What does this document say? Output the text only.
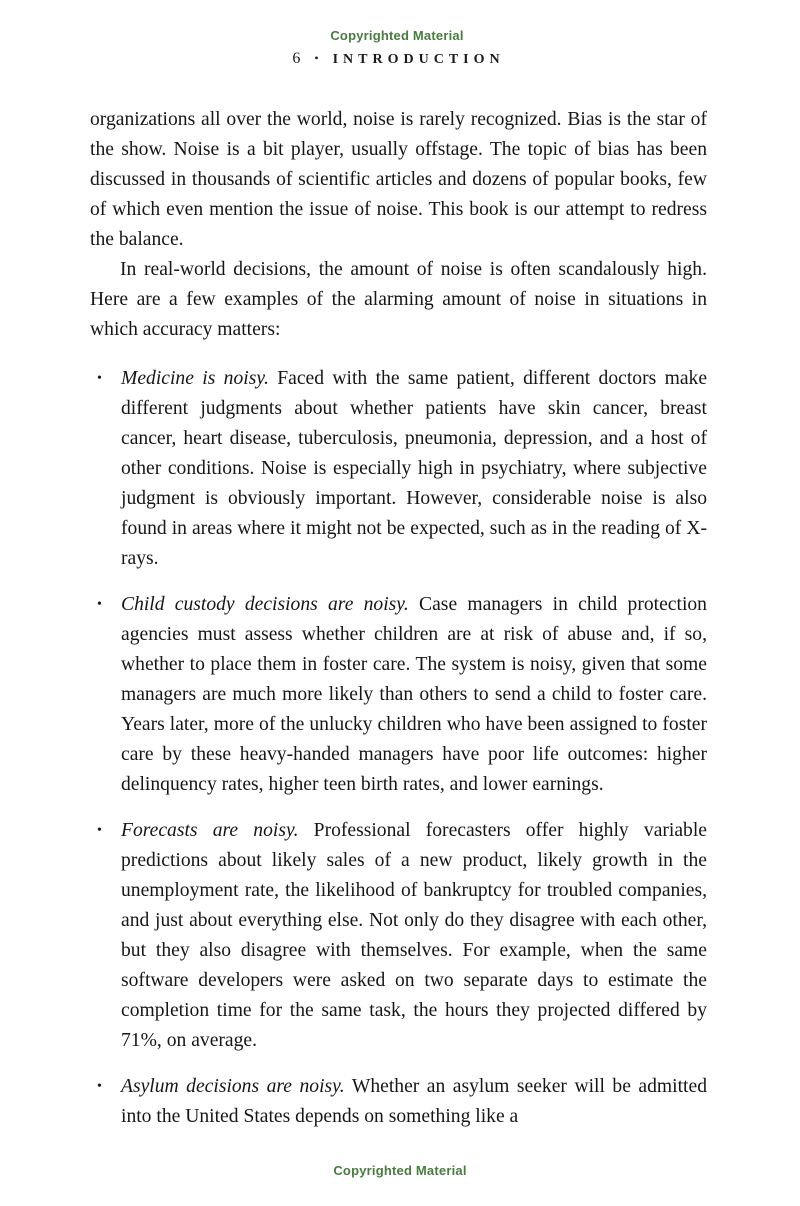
Copyrighted Material
6 • INTRODUCTION

organizations all over the world, noise is rarely recognized. Bias is the star of the show. Noise is a bit player, usually offstage. The topic of bias has been discussed in thousands of scientific articles and dozens of popular books, few of which even mention the issue of noise. This book is our attempt to redress the balance.

In real-world decisions, the amount of noise is often scandalously high. Here are a few examples of the alarming amount of noise in situations in which accuracy matters:

• Medicine is noisy. Faced with the same patient, different doctors make different judgments about whether patients have skin cancer, breast cancer, heart disease, tuberculosis, pneumonia, depression, and a host of other conditions. Noise is especially high in psychiatry, where subjective judgment is obviously important. However, considerable noise is also found in areas where it might not be expected, such as in the reading of X-rays.
• Child custody decisions are noisy. Case managers in child protection agencies must assess whether children are at risk of abuse and, if so, whether to place them in foster care. The system is noisy, given that some managers are much more likely than others to send a child to foster care. Years later, more of the unlucky children who have been assigned to foster care by these heavy-handed managers have poor life outcomes: higher delinquency rates, higher teen birth rates, and lower earnings.
• Forecasts are noisy. Professional forecasters offer highly variable predictions about likely sales of a new product, likely growth in the unemployment rate, the likelihood of bankruptcy for troubled companies, and just about everything else. Not only do they disagree with each other, but they also disagree with themselves. For example, when the same software developers were asked on two separate days to estimate the completion time for the same task, the hours they projected differed by 71%, on average.
• Asylum decisions are noisy. Whether an asylum seeker will be admitted into the United States depends on something like a
Copyrighted Material
